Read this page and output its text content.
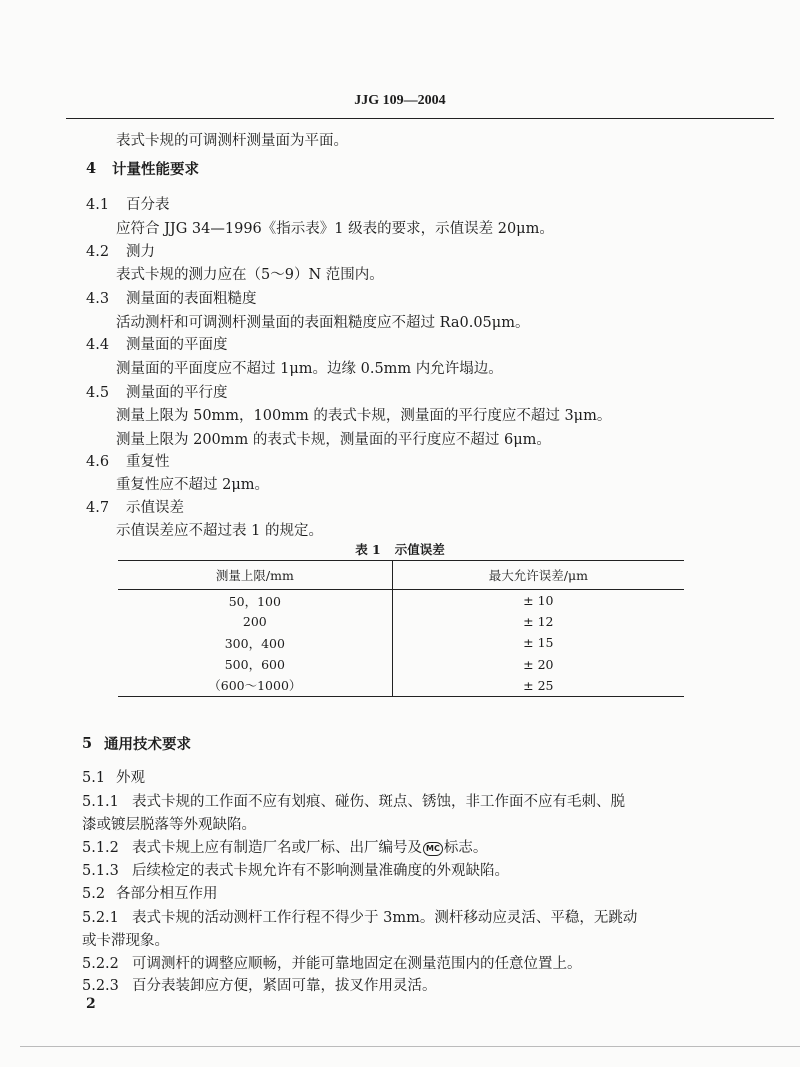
JJG 109—2004
表式卡规的可调测杆测量面为平面。
4 计量性能要求
4.1 百分表
应符合 JJG 34—1996《指示表》1 级表的要求，示值误差 20μm。
4.2 测力
表式卡规的测力应在（5～9）N 范围内。
4.3 测量面的表面粗糙度
活动测杆和可调测杆测量面的表面粗糙度应不超过 Ra0.05μm。
4.4 测量面的平面度
测量面的平面度应不超过 1μm。边缘 0.5mm 内允许塌边。
4.5 测量面的平行度
测量上限为 50mm，100mm 的表式卡规，测量面的平行度应不超过 3μm。
测量上限为 200mm 的表式卡规，测量面的平行度应不超过 6μm。
4.6 重复性
重复性应不超过 2μm。
4.7 示值误差
示值误差应不超过表 1 的规定。
表 1 示值误差
测量上限/mm	最大允许误差/μm
50，100	± 10
200	± 12
300，400	± 15
500，600	± 20
（600～1000）	± 25
5 通用技术要求
5.1 外观
5.1.1 表式卡规的工作面不应有划痕、碰伤、斑点、锈蚀，非工作面不应有毛刺、脱
漆或镀层脱落等外观缺陷。
5.1.2 表式卡规上应有制造厂名或厂标、出厂编号及 MC 标志。
5.1.3 后续检定的表式卡规允许有不影响测量准确度的外观缺陷。
5.2 各部分相互作用
5.2.1 表式卡规的活动测杆工作行程不得少于 3mm。测杆移动应灵活、平稳，无跳动
或卡滞现象。
5.2.2 可调测杆的调整应顺畅，并能可靠地固定在测量范围内的任意位置上。
5.2.3 百分表装卸应方便，紧固可靠，拔叉作用灵活。
2
